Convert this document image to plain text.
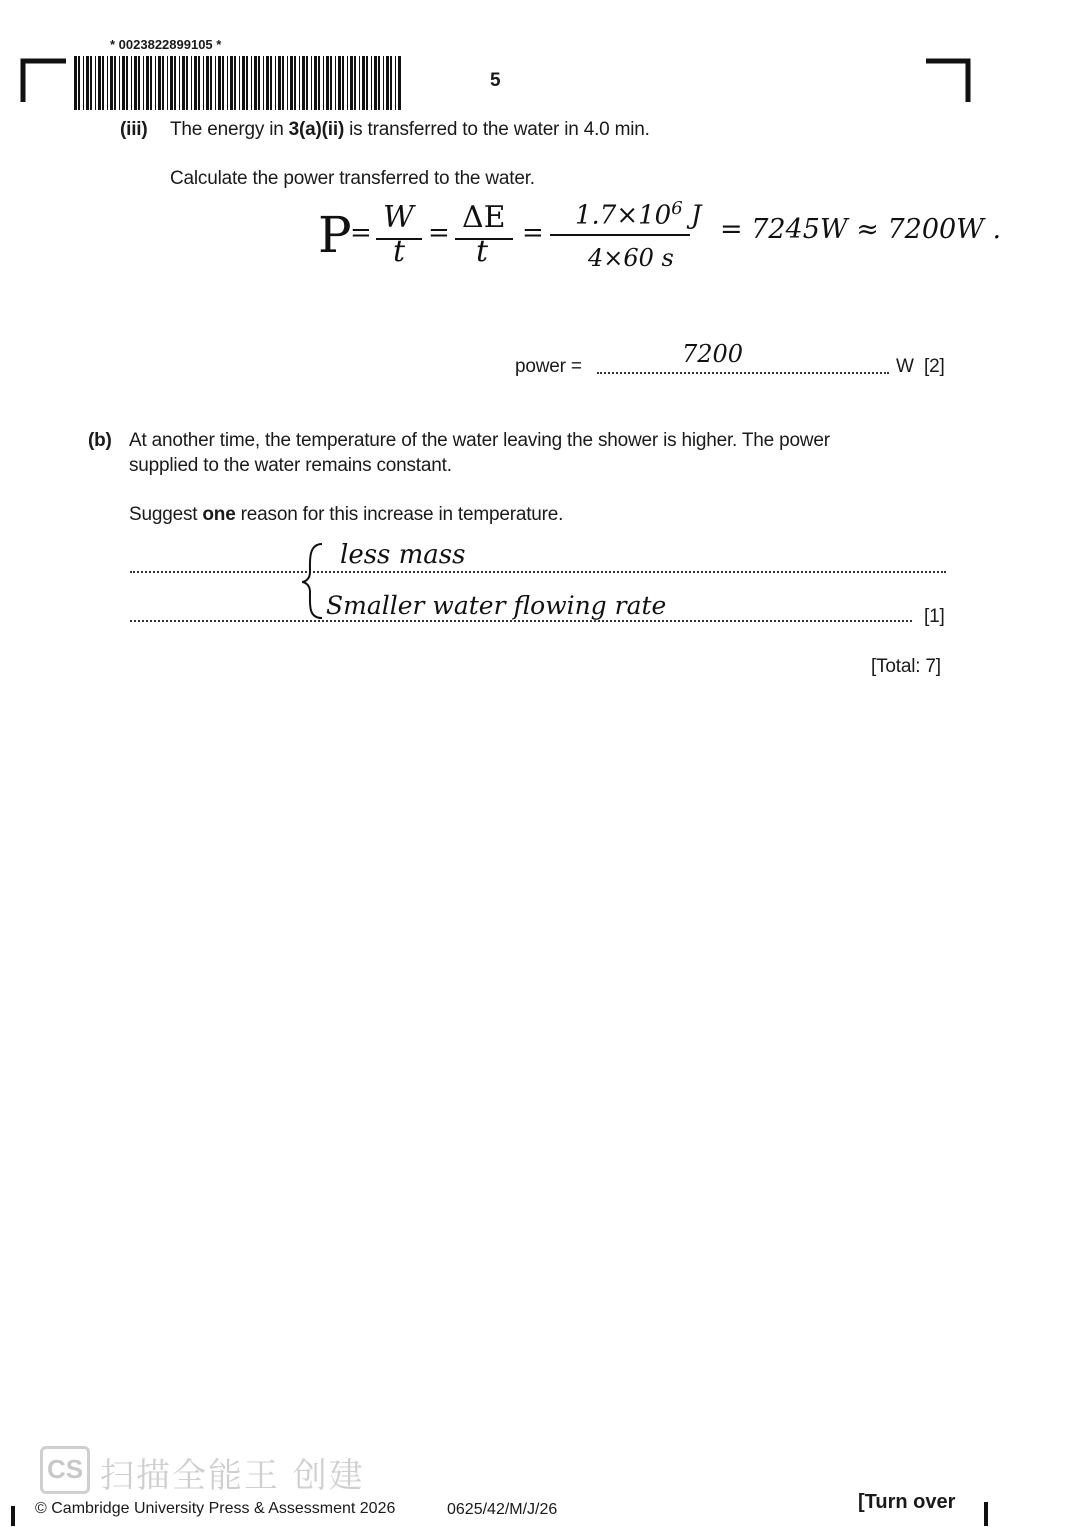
* 0023822899105 *
5
(iii) The energy in 3(a)(ii) is transferred to the water in 4.0 min.
Calculate the power transferred to the water.
P
= W
t
= ΔE
t
=
$1.7\times 10^6$ J
4×60 s
= 7245W ≈ 7200W .
power =	7200	W [2]
(b) At another time, the temperature of the water leaving the shower is higher. The power
supplied to the water remains constant.
Suggest one reason for this increase in temperature.
[1]
less mass
Smaller water flowing rate
[Total: 7]
CS 扫描全能王 创建
© Cambridge University Press & Assessment 2026	0625/42/M/J/26	[Turn over
